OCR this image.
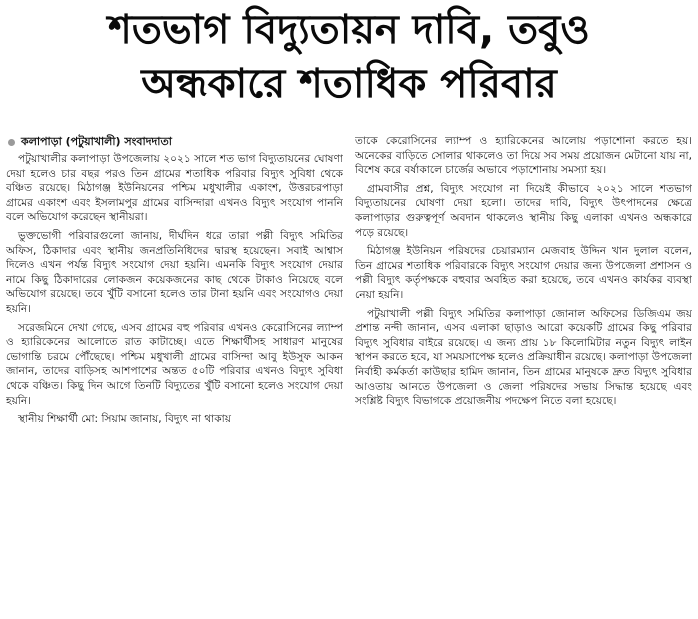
শতভাগ বিদ্যুতায়ন দাবি, তবুও
অন্ধকারে শতাধিক পরিবার
কলাপাড়া (পটুয়াখালী) সংবাদদাতা

পটুয়াখালীর কলাপাড়া উপজেলায় ২০২১ সালে শত ভাগ বিদ্যুতায়নের ঘোষণা দেয়া হলেও চার বছর পরও তিন গ্রামের শতাধিক পরিবার বিদ্যুৎ সুবিধা থেকে বঞ্চিত রয়েছে। মিঠাগঞ্জ ইউনিয়নের পশ্চিম মধুখালীর একাংশ, উত্তরচরপাড়া গ্রামের একাংশ এবং ইসলামপুর গ্রামের বাসিন্দারা এখনও বিদ্যুৎ সংযোগ পাননি বলে অভিযোগ করেছেন স্থানীয়রা।

ভুক্তভোগী পরিবারগুলো জানায়, দীর্ঘদিন ধরে তারা পল্লী বিদ্যুৎ সমিতির অফিস, ঠিকাদার এবং স্থানীয় জনপ্রতিনিধিদের দ্বারস্থ হয়েছেন। সবাই আশ্বাস দিলেও এখন পর্যন্ত বিদ্যুৎ সংযোগ দেয়া হয়নি। এমনকি বিদ্যুৎ সংযোগ দেয়ার নামে কিছু ঠিকাদারের লোকজন কয়েকজনের কাছ থেকে টাকাও নিয়েছে বলে অভিযোগ রয়েছে। তবে খুঁটি বসানো হলেও তার টানা হয়নি এবং সংযোগও দেয়া হয়নি।

সরেজমিনে দেখা গেছে, এসব গ্রামের বহু পরিবার এখনও কেরোসিনের ল্যাম্প ও হ্যারিকেনের আলোতে রাত কাটাচ্ছে। এতে শিক্ষার্থীসহ সাধারণ মানুষের ভোগান্তি চরমে পৌঁছেছে। পশ্চিম মধুখালী গ্রামের বাসিন্দা আবু ইউসুফ আকন জানান, তাদের বাড়িসহ আশপাশের অন্তত ৫০টি পরিবার এখনও বিদ্যুৎ সুবিধা থেকে বঞ্চিত। কিছু দিন আগে তিনটি বিদ্যুতের খুঁটি বসানো হলেও সংযোগ দেয়া হয়নি।

স্থানীয় শিক্ষার্থী মো: সিয়াম জানায়, বিদ্যুৎ না থাকায়

তাকে কেরোসিনের ল্যাম্প ও হ্যারিকেনের আলোয় পড়াশোনা করতে হয়। অনেকের বাড়িতে সোলার থাকলেও তা দিয়ে সব সময় প্রয়োজন মেটানো যায় না, বিশেষ করে বর্ষাকালে চার্জের অভাবে পড়াশোনায় সমস্যা হয়।

গ্রামবাসীর প্রশ্ন, বিদ্যুৎ সংযোগ না দিয়েই কীভাবে ২০২১ সালে শতভাগ বিদ্যুতায়নের ঘোষণা দেয়া হলো। তাদের দাবি, বিদ্যুৎ উৎপাদনের ক্ষেত্রে কলাপাড়ার গুরুত্বপূর্ণ অবদান থাকলেও স্থানীয় কিছু এলাকা এখনও অন্ধকারে পড়ে রয়েছে।

মিঠাগঞ্জ ইউনিয়ন পরিষদের চেয়ারম্যান মেজবাহ উদ্দিন খান দুলাল বলেন, তিন গ্রামের শতাধিক পরিবারকে বিদ্যুৎ সংযোগ দেয়ার জন্য উপজেলা প্রশাসন ও পল্লী বিদ্যুৎ কর্তৃপক্ষকে বহুবার অবহিত করা হয়েছে, তবে এখনও কার্যকর ব্যবস্থা নেয়া হয়নি।

পটুয়াখালী পল্লী বিদ্যুৎ সমিতির কলাপাড়া জোনাল অফিসের ডিজিএম জয় প্রশান্ত নন্দী জানান, এসব এলাকা ছাড়াও আরো কয়েকটি গ্রামের কিছু পরিবার বিদ্যুৎ সুবিধার বাইরে রয়েছে। এ জন্য প্রায় ১৮ কিলোমিটার নতুন বিদ্যুৎ লাইন স্থাপন করতে হবে, যা সময়সাপেক্ষ হলেও প্রক্রিয়াধীন রয়েছে। কলাপাড়া উপজেলা নির্বাহী কর্মকর্তা কাউছার হামিদ জানান, তিন গ্রামের মানুষকে দ্রুত বিদ্যুৎ সুবিধার আওতায় আনতে উপজেলা ও জেলা পরিষদের সভায় সিদ্ধান্ত হয়েছে এবং সংশ্লিষ্ট বিদ্যুৎ বিভাগকে প্রয়োজনীয় পদক্ষেপ নিতে বলা হয়েছে।
